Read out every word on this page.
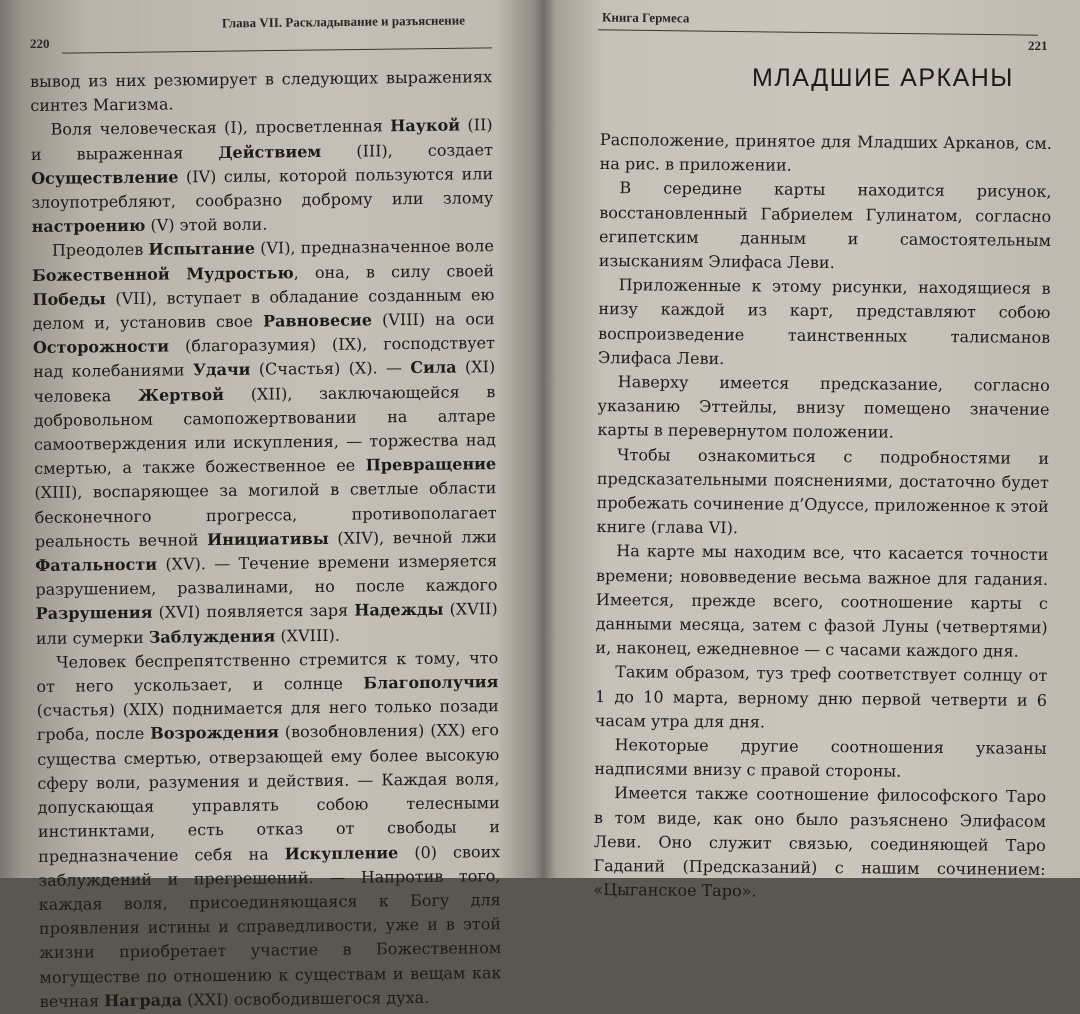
220
Глава VII. Раскладывание и разъяснение

вывод из них резюмирует в следующих выражениях синтез Магизма.

Воля человеческая (I), просветленная Наукой (II) и выраженная Действием (III), создает Осуществление (IV) силы, которой пользуются или злоупотребляют, сообразно доброму или злому настроению (V) этой воли.

Преодолев Испытание (VI), предназначенное воле Божественной Мудростью, она, в силу своей Победы (VII), вступает в обладание созданным ею делом и, установив свое Равновесие (VIII) на оси Осторожности (благоразумия) (IX), господствует над колебаниями Удачи (Счастья) (X). — Сила (XI) человека Жертвой (XII), заключающейся в добровольном самопожертвовании на алтаре самоотверждения или искупления, — торжества над смертью, а также божественное ее Превращение (XIII), воспаряющее за могилой в светлые области бесконечного прогресса, противополагает реальность вечной Инициативы (XIV), вечной лжи Фатальности (XV). — Течение времени измеряется разрушением, развалинами, но после каждого Разрушения (XVI) появляется заря Надежды (XVII) или сумерки Заблуждения (XVIII).

Человек беспрепятственно стремится к тому, что от него ускользает, и солнце Благополучия (счастья) (XIX) поднимается для него только позади гроба, после Возрождения (возобновления) (XX) его существа смертью, отверзающей ему более высокую сферу воли, разумения и действия. — Каждая воля, допускающая управлять собою телесными инстинктами, есть отказ от свободы и предназначение себя на Искупление (0) своих заблуждений и прегрешений. — Напротив того, каждая воля, присоединяющаяся к Богу для проявления истины и справедливости, уже и в этой жизни приобретает участие в Божественном могуществе по отношению к существам и вещам как вечная Награда (XXI) освободившегося духа.

Книга Гермеса
221
МЛАДШИЕ АРКАНЫ

Расположение, принятое для Младших Арканов, см. на рис. в приложении.

В середине карты находится рисунок, восстановленный Габриелем Гулинатом, согласно египетским данным и самостоятельным изысканиям Элифаса Леви.

Приложенные к этому рисунки, находящиеся в низу каждой из карт, представляют собою воспроизведение таинственных талисманов Элифаса Леви.

Наверху имеется предсказание, согласно указанию Эттейлы, внизу помещено значение карты в перевернутом положении.

Чтобы ознакомиться с подробностями и предсказательными пояснениями, достаточно будет пробежать сочинение д’Одуссе, приложенное к этой книге (глава VI).

На карте мы находим все, что касается точности времени; нововведение весьма важное для гадания. Имеется, прежде всего, соотношение карты с данными месяца, затем с фазой Луны (четвертями) и, наконец, ежедневное — с часами каждого дня.

Таким образом, туз треф соответствует солнцу от 1 до 10 марта, верному дню первой четверти и 6 часам утра для дня.

Некоторые другие соотношения указаны надписями внизу с правой стороны.

Имеется также соотношение философского Таро в том виде, как оно было разъяснено Элифасом Леви. Оно служит связью, соединяющей Таро Гаданий (Предсказаний) с нашим сочинением: «Цыганское Таро».
